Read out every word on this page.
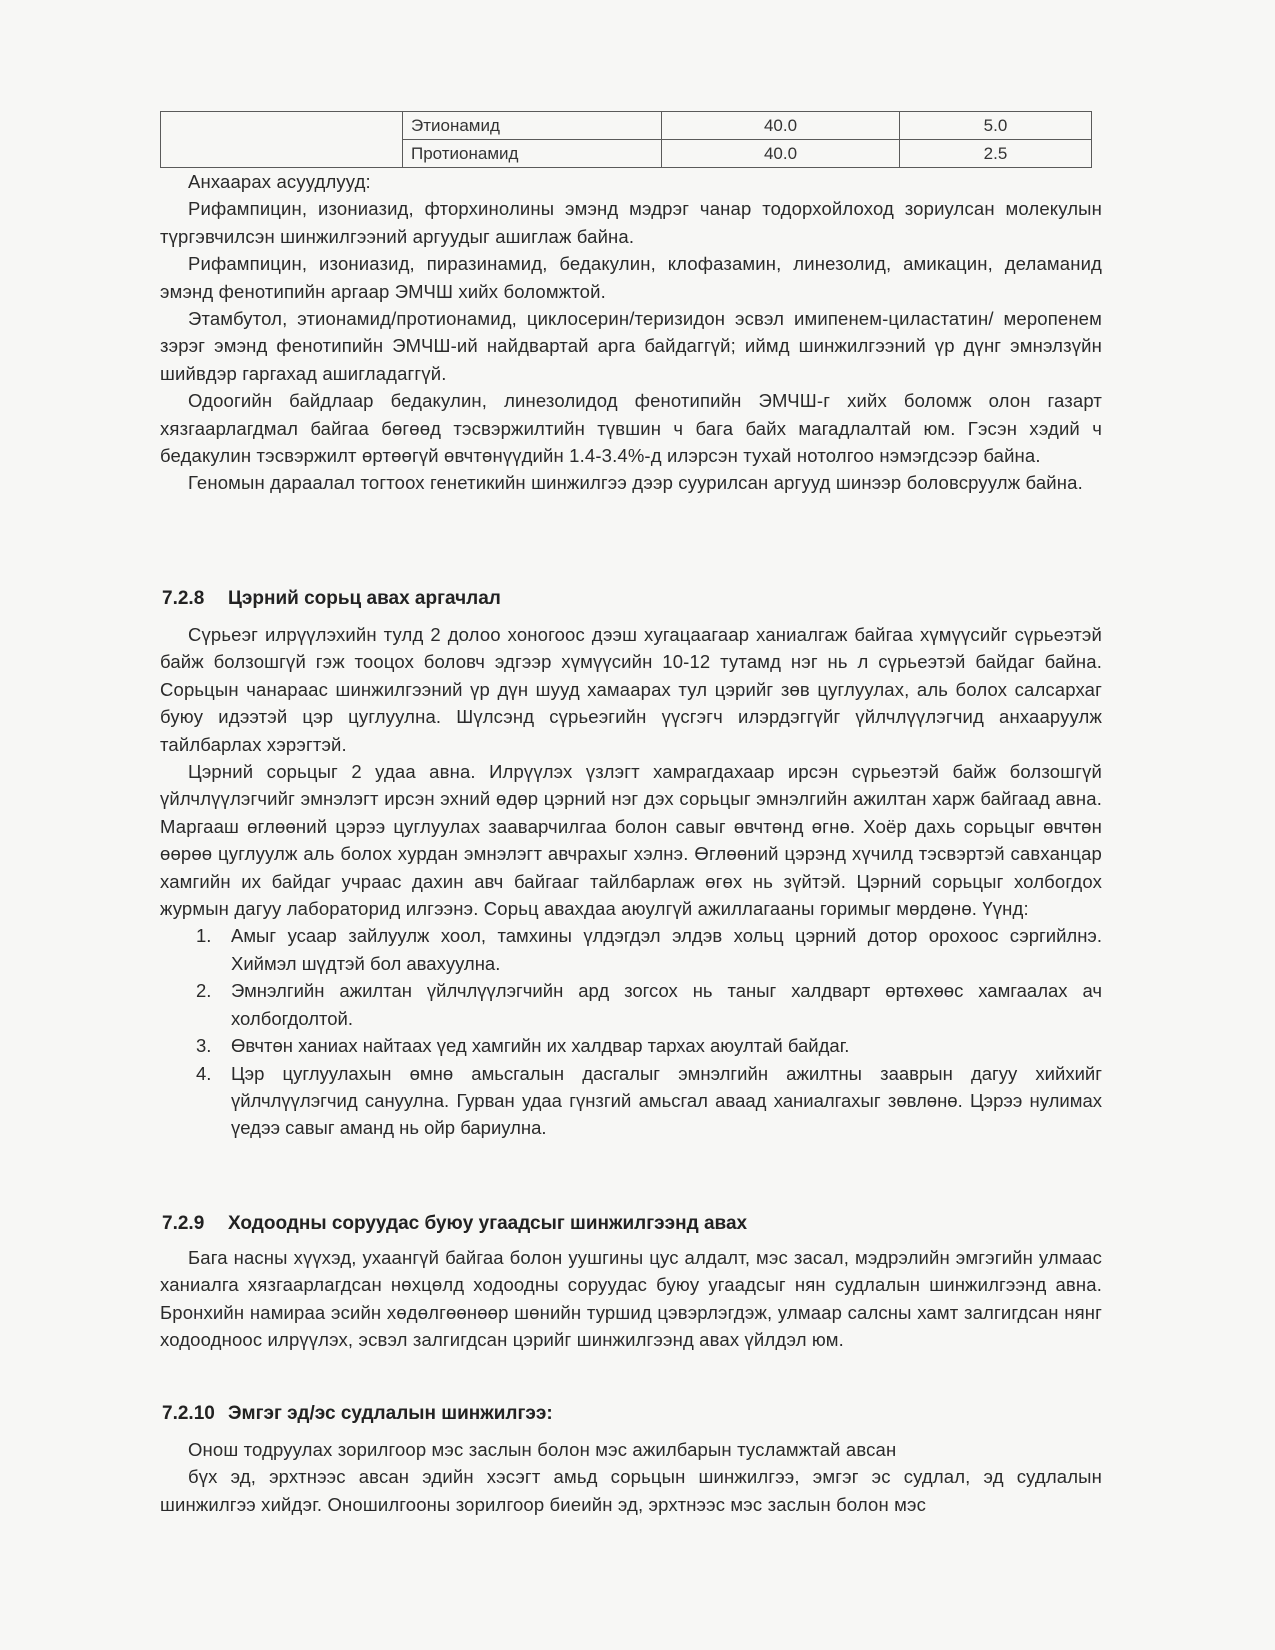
	Этионамид	40.0	5.0
	Протионамид	40.0	2.5

Анхаарах асуудлууд:

Рифампицин, изониазид, фторхинолины эмэнд мэдрэг чанар тодорхойлоход зориулсан молекулын түргэвчилсэн шинжилгээний аргуудыг ашиглаж байна.

Рифампицин, изониазид, пиразинамид, бедакулин, клофазамин, линезолид, амикацин, деламанид эмэнд фенотипийн аргаар ЭМЧШ хийх боломжтой.

Этамбутол, этионамид/протионамид, циклосерин/теризидон эсвэл имипенем-циластатин/ меропенем зэрэг эмэнд фенотипийн ЭМЧШ-ий найдвартай арга байдаггүй; иймд шинжилгээний үр дүнг эмнэлзүйн шийвдэр гаргахад ашигладаггүй.

Одоогийн байдлаар бедакулин, линезолидод фенотипийн ЭМЧШ-г хийх боломж олон газарт хязгаарлагдмал байгаа бөгөөд тэсвэржилтийн түвшин ч бага байх магадлалтай юм. Гэсэн хэдий ч бедакулин тэсвэржилт өртөөгүй өвчтөнүүдийн 1.4-3.4%-д илэрсэн тухай нотолгоо нэмэгдсээр байна.

Геномын дараалал тогтоох генетикийн шинжилгээ дээр суурилсан аргууд шинээр боловсруулж байна.

7.2.8 Цэрний сорьц авах аргачлал

Сүрьеэг илрүүлэхийн тулд 2 долоо хоногоос дээш хугацаагаар ханиалгаж байгаа хүмүүсийг сүрьеэтэй байж болзошгүй гэж тооцох боловч эдгээр хүмүүсийн 10-12 тутамд нэг нь л сүрьеэтэй байдаг байна. Сорьцын чанараас шинжилгээний үр дүн шууд хамаарах тул цэрийг зөв цуглуулах, аль болох салсархаг буюу идээтэй цэр цуглуулна. Шүлсэнд сүрьеэгийн үүсгэгч илэрдэггүйг үйлчлүүлэгчид анхааруулж тайлбарлах хэрэгтэй.

Цэрний сорьцыг 2 удаа авна. Илрүүлэх үзлэгт хамрагдахаар ирсэн сүрьеэтэй байж болзошгүй үйлчлүүлэгчийг эмнэлэгт ирсэн эхний өдөр цэрний нэг дэх сорьцыг эмнэлгийн ажилтан харж байгаад авна. Маргааш өглөөний цэрээ цуглуулах зааварчилгаа болон савыг өвчтөнд өгнө. Хоёр дахь сорьцыг өвчтөн өөрөө цуглуулж аль болох хурдан эмнэлэгт авчрахыг хэлнэ. Өглөөний цэрэнд хүчилд тэсвэртэй савханцар хамгийн их байдаг учраас дахин авч байгааг тайлбарлаж өгөх нь зүйтэй. Цэрний сорьцыг холбогдох журмын дагуу лабораторид илгээнэ. Сорьц авахдаа аюулгүй ажиллагааны горимыг мөрдөнө. Үүнд:

1. Амыг усаар зайлуулж хоол, тамхины үлдэгдэл элдэв хольц цэрний дотор орохоос сэргийлнэ. Хиймэл шүдтэй бол авахуулна.
2. Эмнэлгийн ажилтан үйлчлүүлэгчийн ард зогсох нь таныг халдварт өртөхөөс хамгаалах ач холбогдолтой.
3. Өвчтөн ханиах найтаах үед хамгийн их халдвар тархах аюултай байдаг.
4. Цэр цуглуулахын өмнө амьсгалын дасгалыг эмнэлгийн ажилтны зааврын дагуу хийхийг үйлчлүүлэгчид сануулна. Гурван удаа гүнзгий амьсгал аваад ханиалгахыг зөвлөнө. Цэрээ нулимах үедээ савыг аманд нь ойр бариулна.
7.2.9 Ходоодны соруудас буюу угаадсыг шинжилгээнд авах

Бага насны хүүхэд, ухаангүй байгаа болон уушгины цус алдалт, мэс засал, мэдрэлийн эмгэгийн улмаас ханиалга хязгаарлагдсан нөхцөлд ходоодны соруудас буюу угаадсыг нян судлалын шинжилгээнд авна. Бронхийн намираа эсийн хөдөлгөөнөөр шөнийн туршид цэвэрлэгдэж, улмаар салсны хамт залгигдсан нянг ходоодноос илрүүлэх, эсвэл залгигдсан цэрийг шинжилгээнд авах үйлдэл юм.

7.2.10 Эмгэг эд/эс судлалын шинжилгээ:

Онош тодруулах зорилгоор мэс заслын болон мэс ажилбарын тусламжтай авсан

бүх эд, эрхтнээс авсан эдийн хэсэгт амьд сорьцын шинжилгээ, эмгэг эс судлал, эд судлалын шинжилгээ хийдэг. Оношилгооны зорилгоор биеийн эд, эрхтнээс мэс заслын болон мэс
